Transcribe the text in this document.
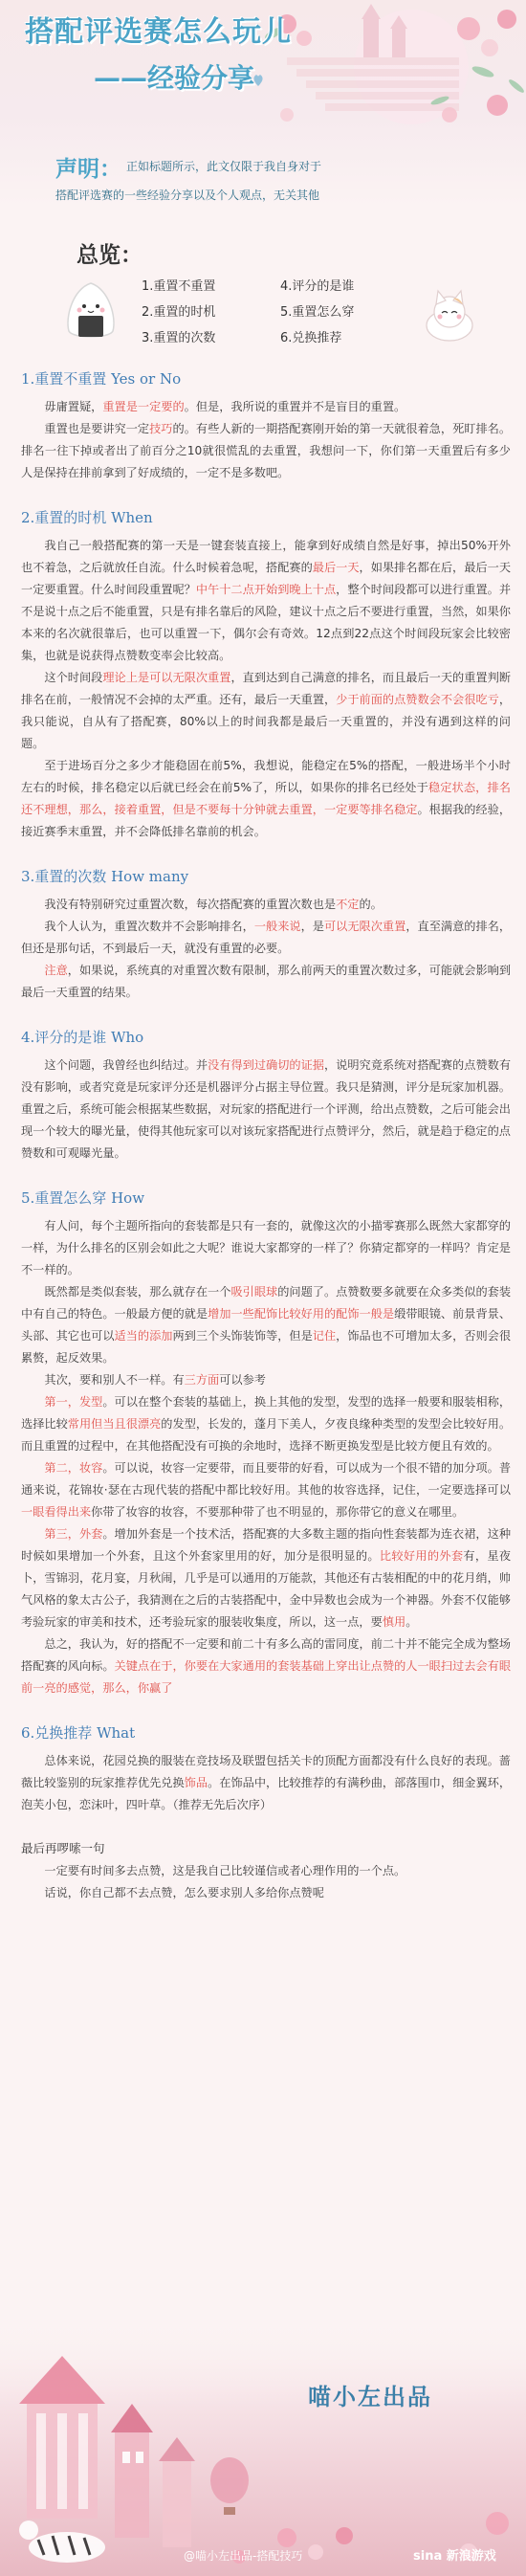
搭配评选赛怎么玩儿
——经验分享
声明： 正如标题所示，此文仅限于我自身对于
搭配评选赛的一些经验分享以及个人观点，无关其他
总览：
1.重置不重置	4.评分的是谁
2.重置的时机	5.重置怎么穿
3.重置的次数	6.兑换推荐
1.重置不重置 Yes or No

毋庸置疑，重置是一定要的。但是，我所说的重置并不是盲目的重置。

重置也是要讲究一定技巧的。有些人新的一期搭配赛刚开始的第一天就很着急，死盯排名。排名一往下掉或者出了前百分之10就很慌乱的去重置，我想问一下，你们第一天重置后有多少人是保持在排前拿到了好成绩的，一定不是多数吧。

2.重置的时机 When

我自己一般搭配赛的第一天是一键套装直接上，能拿到好成绩自然是好事，掉出50%开外也不着急，之后就放任自流。什么时候着急呢，搭配赛的最后一天，如果排名都在后，最后一天一定要重置。什么时间段重置呢？中午十二点开始到晚上十点，整个时间段都可以进行重置。并不是说十点之后不能重置，只是有排名靠后的风险，建议十点之后不要进行重置，当然，如果你本来的名次就很靠后，也可以重置一下，偶尔会有奇效。12点到22点这个时间段玩家会比较密集，也就是说获得点赞数变率会比较高。

这个时间段理论上是可以无限次重置，直到达到自己满意的排名，而且最后一天的重置判断排名在前，一般情况不会掉的太严重。还有，最后一天重置，少于前面的点赞数会不会很吃亏，我只能说，自从有了搭配赛，80%以上的时间我都是最后一天重置的，并没有遇到这样的问题。

至于进场百分之多少才能稳固在前5%，我想说，能稳定在5%的搭配，一般进场半个小时左右的时候，排名稳定以后就已经会在前5%了，所以，如果你的排名已经处于稳定状态，排名还不理想，那么，接着重置，但是不要每十分钟就去重置，一定要等排名稳定。根据我的经验，接近赛季末重置，并不会降低排名靠前的机会。

3.重置的次数 How many

我没有特别研究过重置次数，每次搭配赛的重置次数也是不定的。

我个人认为，重置次数并不会影响排名，一般来说，是可以无限次重置，直至满意的排名，但还是那句话，不到最后一天，就没有重置的必要。

注意，如果说，系统真的对重置次数有限制，那么前两天的重置次数过多，可能就会影响到最后一天重置的结果。

4.评分的是谁 Who

这个问题，我曾经也纠结过。并没有得到过确切的证据，说明究竟系统对搭配赛的点赞数有没有影响，或者究竟是玩家评分还是机器评分占据主导位置。我只是猜测，评分是玩家加机器。重置之后，系统可能会根据某些数据，对玩家的搭配进行一个评测，给出点赞数，之后可能会出现一个较大的曝光量，使得其他玩家可以对该玩家搭配进行点赞评分，然后，就是趋于稳定的点赞数和可观曝光量。

5.重置怎么穿 How

有人问，每个主题所指向的套装都是只有一套的，就像这次的小描零赛那么既然大家都穿的一样，为什么排名的区别会如此之大呢？谁说大家都穿的一样了？你猜定都穿的一样吗？肯定是不一样的。

既然都是类似套装，那么就存在一个吸引眼球的问题了。点赞数要多就要在众多类似的套装中有自己的特色。一般最方便的就是增加一些配饰比较好用的配饰一般是缎带眼镜、前景背景、头部、其它也可以适当的添加两到三个头饰装饰等，但是记住，饰品也不可增加太多，否则会很累赘，起反效果。

其次，要和别人不一样。有三方面可以参考

第一，发型。可以在整个套装的基础上，换上其他的发型，发型的选择一般要和服装相称，选择比较常用但当且很漂亮的发型，长发的，蓬月下美人，夕夜良缘种类型的发型会比较好用。而且重置的过程中，在其他搭配没有可换的余地时，选择不断更换发型是比较方便且有效的。

第二，妆容。可以说，妆容一定要带，而且要带的好看，可以成为一个很不错的加分项。普通来说，花锦妆·瑟在古现代装的搭配中都比较好用。其他的妆容选择，记住，一定要选择可以一眼看得出来你带了妆容的妆容，不要那种带了也不明显的，那你带它的意义在哪里。

第三，外套。增加外套是一个技术活，搭配赛的大多数主题的指向性套装都为连衣裙，这种时候如果增加一个外套，且这个外套家里用的好，加分是很明显的。比较好用的外套有，星夜卜，雪锦羽，花月宴，月秋闹，几乎是可以通用的万能款，其他还有古装相配的中的花月绡，帅气风格的象太古公子，我猜测在之后的古装搭配中，金中异数也会成为一个神器。外套不仅能够考验玩家的审美和技术，还考验玩家的服装收集度，所以，这一点，要慎用。

总之，我认为，好的搭配不一定要和前二十有多么高的雷同度，前二十并不能完全成为整场搭配赛的风向标。关键点在于，你要在大家通用的套装基础上穿出让点赞的人一眼扫过去会有眼前一亮的感觉，那么，你赢了

6.兑换推荐 What

总体来说，花园兑换的服装在竞技场及联盟包括关卡的顶配方面都没有什么良好的表现。蔷薇比较鉴别的玩家推荐优先兑换饰品。在饰品中，比较推荐的有满秒曲，部落围巾，细金翼环，泡芙小包，恋沫叶，四叶草。（推荐无先后次序）

最后再啰嗦一句

一定要有时间多去点赞，这是我自己比较谨信或者心理作用的一个点。

话说，你自己都不去点赞，怎么要求别人多给你点赞呢

喵小左出品
@喵小左出品-搭配技巧	sina 新浪游戏
